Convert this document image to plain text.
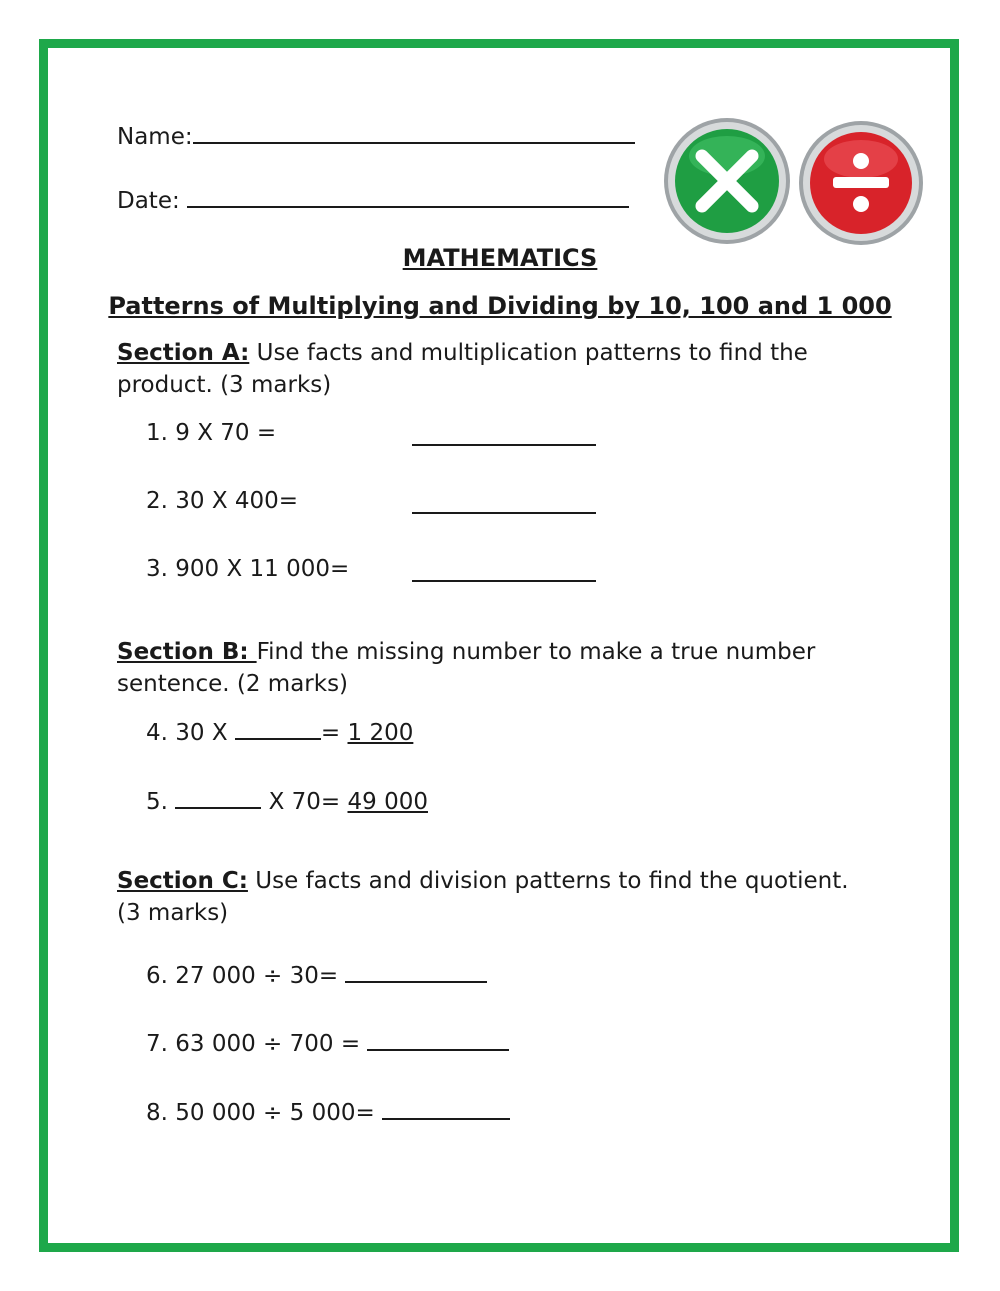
Name:
Date:
MATHEMATICS
Patterns of Multiplying and Dividing by 10, 100 and 1 000
Section A: Use facts and multiplication patterns to find the product. (3 marks)
1. 9 X 70 =
2. 30 X 400=
3. 900 X 11 000=
Section B: Find the missing number to make a true number sentence. (2 marks)
4. 30 X	= 1 200
5.	X 70= 49 000
Section C: Use facts and division patterns to find the quotient. (3 marks)
6. 27 000 ÷ 30=
7. 63 000 ÷ 700 =
8. 50 000 ÷ 5 000=
